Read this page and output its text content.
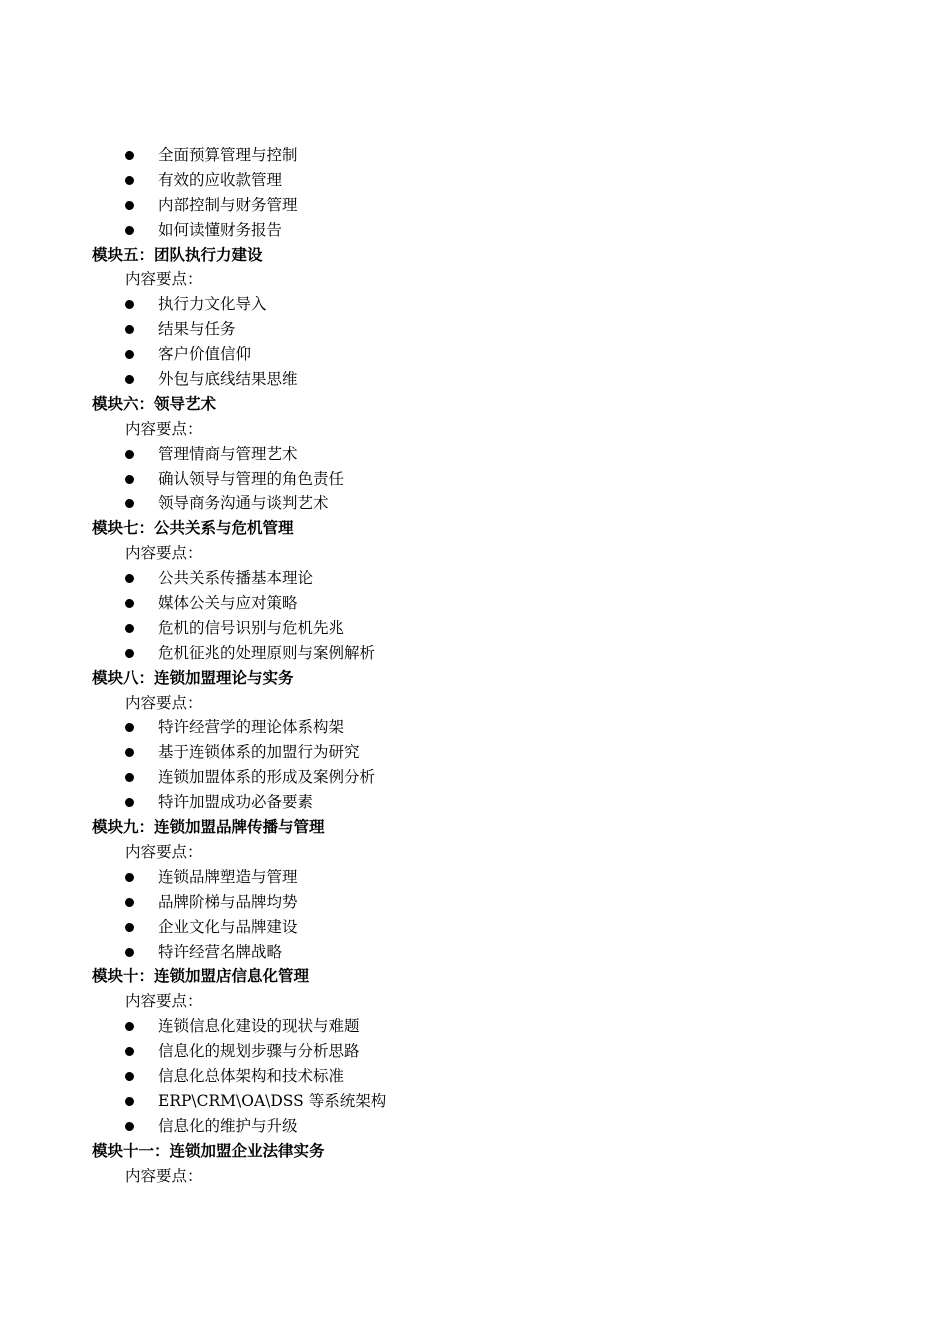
全面预算管理与控制
有效的应收款管理
内部控制与财务管理
如何读懂财务报告
模块五：团队执行力建设
内容要点：
执行力文化导入
结果与任务
客户价值信仰
外包与底线结果思维
模块六：领导艺术
内容要点：
管理情商与管理艺术
确认领导与管理的角色责任
领导商务沟通与谈判艺术
模块七：公共关系与危机管理
内容要点：
公共关系传播基本理论
媒体公关与应对策略
危机的信号识别与危机先兆
危机征兆的处理原则与案例解析
模块八：连锁加盟理论与实务
内容要点：
特许经营学的理论体系构架
基于连锁体系的加盟行为研究
连锁加盟体系的形成及案例分析
特许加盟成功必备要素
模块九：连锁加盟品牌传播与管理
内容要点：
连锁品牌塑造与管理
品牌阶梯与品牌均势
企业文化与品牌建设
特许经营名牌战略
模块十：连锁加盟店信息化管理
内容要点：
连锁信息化建设的现状与难题
信息化的规划步骤与分析思路
信息化总体架构和技术标准
ERP\CRM\OA\DSS 等系统架构
信息化的维护与升级
模块十一：连锁加盟企业法律实务
内容要点：
